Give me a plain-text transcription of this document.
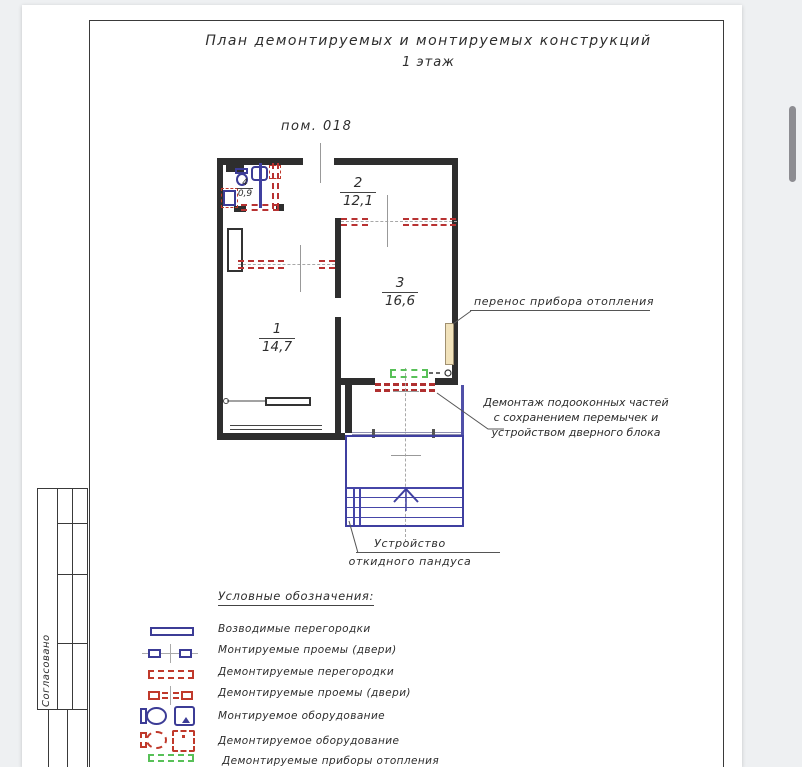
План демонтируемых и монтируемых конструкций
1 этаж
пом. 018
2
12,1
3
16,6
1
14,7
4
0,9
перенос прибора отопления
Демонтаж подооконных частей
с сохранением перемычек и
устройством дверного блока
Устройство
откидного пандуса
Условные обозначения:
Возводимые перегородки
Монтируемые проемы (двери)
Демонтируемые перегородки
Демонтируемые проемы (двери)
Монтируемое оборудование
Демонтируемое оборудование
Демонтируемые приборы отопления
Согласовано
